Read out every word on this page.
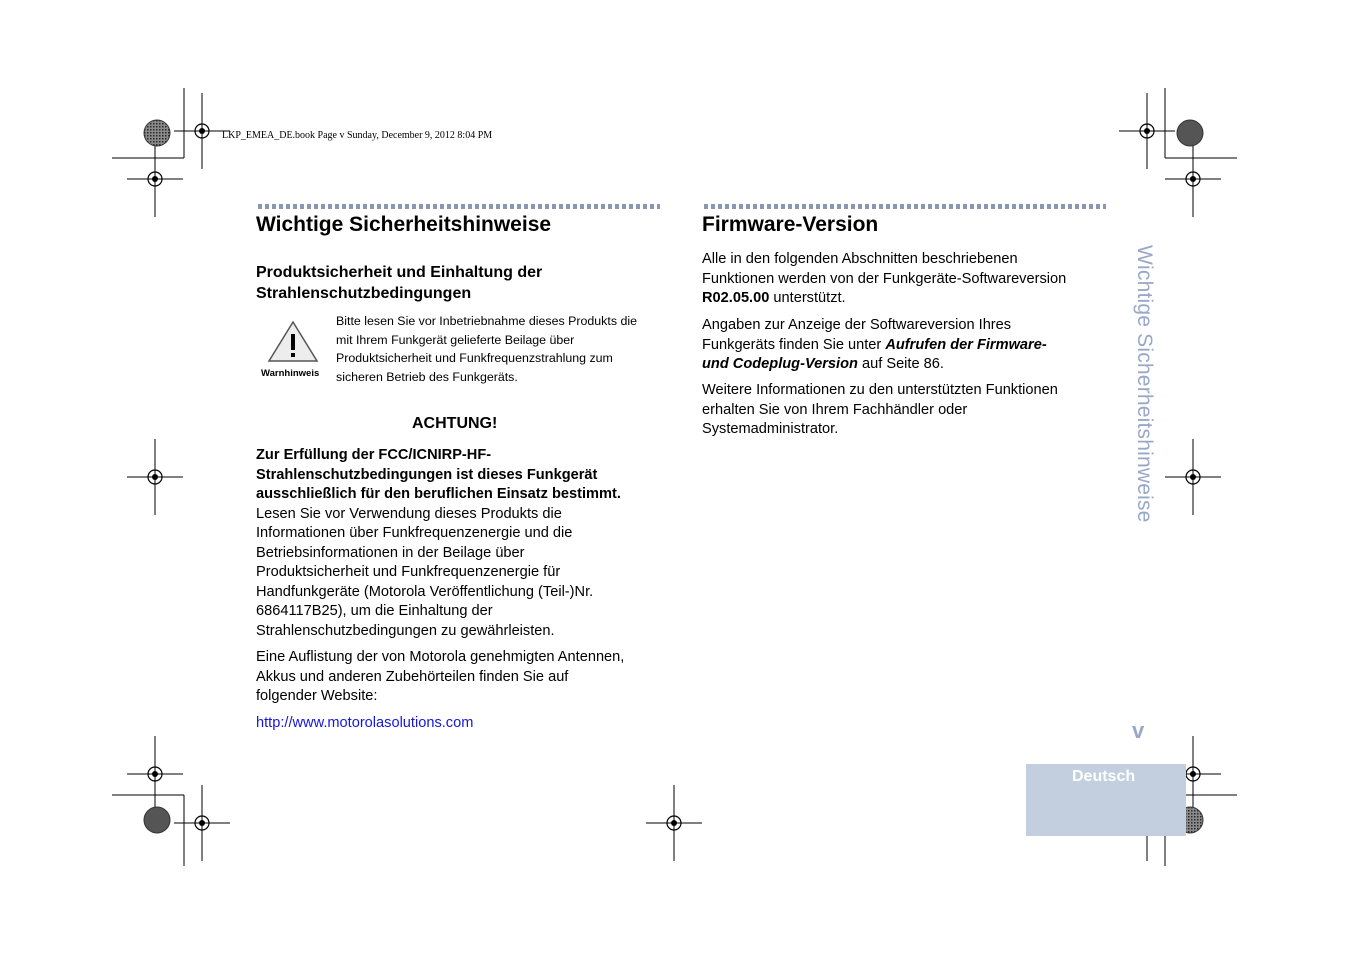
LKP_EMEA_DE.book Page v Sunday, December 9, 2012 8:04 PM
Wichtige Sicherheitshinweise
Produktsicherheit und Einhaltung der
Strahlenschutzbedingungen
Warnhinweis
Bitte lesen Sie vor Inbetriebnahme dieses Produkts die
mit Ihrem Funkgerät gelieferte Beilage über
Produktsicherheit und Funkfrequenzstrahlung zum
sicheren Betrieb des Funkgeräts.
ACHTUNG!
Zur Erfüllung der FCC/ICNIRP-HF-
Strahlenschutzbedingungen ist dieses Funkgerät
ausschließlich für den beruflichen Einsatz bestimmt.
Lesen Sie vor Verwendung dieses Produkts die
Informationen über Funkfrequenzenergie und die
Betriebsinformationen in der Beilage über
Produktsicherheit und Funkfrequenzenergie für
Handfunkgeräte (Motorola Veröffentlichung (Teil-)Nr.
6864117B25), um die Einhaltung der
Strahlenschutzbedingungen zu gewährleisten.
Eine Auflistung der von Motorola genehmigten Antennen,
Akkus und anderen Zubehörteilen finden Sie auf
folgender Website:
http://www.motorolasolutions.com
Firmware-Version
Alle in den folgenden Abschnitten beschriebenen
Funktionen werden von der Funkgeräte-Softwareversion
R02.05.00 unterstützt.
Angaben zur Anzeige der Softwareversion Ihres
Funkgeräts finden Sie unter Aufrufen der Firmware-
und Codeplug-Version auf Seite 86.
Weitere Informationen zu den unterstützten Funktionen
erhalten Sie von Ihrem Fachhändler oder
Systemadministrator.	Wichtige Sicherheitshinweise
v
Deutsch
